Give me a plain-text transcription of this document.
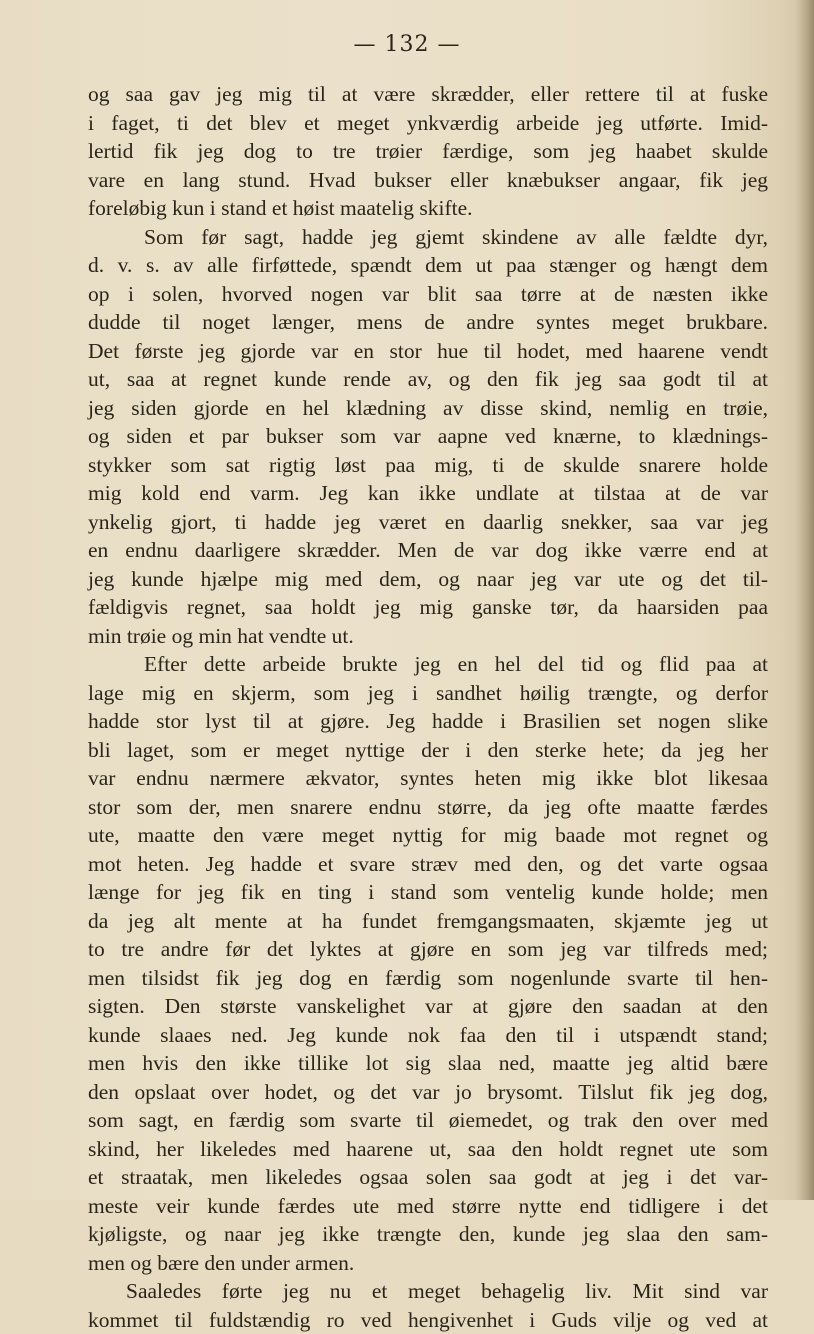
— 132 —
og saa gav jeg mig til at være skrædder, eller rettere til at fuske
i faget, ti det blev et meget ynkværdig arbeide jeg utførte. Imid-
lertid fik jeg dog to tre trøier færdige, som jeg haabet skulde
vare en lang stund. Hvad bukser eller knæbukser angaar, fik jeg
foreløbig kun i stand et høist maatelig skifte.
Som før sagt, hadde jeg gjemt skindene av alle fældte dyr,
d. v. s. av alle firføttede, spændt dem ut paa stænger og hængt dem
op i solen, hvorved nogen var blit saa tørre at de næsten ikke
dudde til noget længer, mens de andre syntes meget brukbare.
Det første jeg gjorde var en stor hue til hodet, med haarene vendt
ut, saa at regnet kunde rende av, og den fik jeg saa godt til at
jeg siden gjorde en hel klædning av disse skind, nemlig en trøie,
og siden et par bukser som var aapne ved knærne, to klædnings-
stykker som sat rigtig løst paa mig, ti de skulde snarere holde
mig kold end varm. Jeg kan ikke undlate at tilstaa at de var
ynkelig gjort, ti hadde jeg været en daarlig snekker, saa var jeg
en endnu daarligere skrædder. Men de var dog ikke værre end at
jeg kunde hjælpe mig med dem, og naar jeg var ute og det til-
fældigvis regnet, saa holdt jeg mig ganske tør, da haarsiden paa
min trøie og min hat vendte ut.
Efter dette arbeide brukte jeg en hel del tid og flid paa at
lage mig en skjerm, som jeg i sandhet høilig trængte, og derfor
hadde stor lyst til at gjøre. Jeg hadde i Brasilien set nogen slike
bli laget, som er meget nyttige der i den sterke hete; da jeg her
var endnu nærmere ækvator, syntes heten mig ikke blot likesaa
stor som der, men snarere endnu større, da jeg ofte maatte færdes
ute, maatte den være meget nyttig for mig baade mot regnet og
mot heten. Jeg hadde et svare stræv med den, og det varte ogsaa
længe for jeg fik en ting i stand som ventelig kunde holde; men
da jeg alt mente at ha fundet fremgangsmaaten, skjæmte jeg ut
to tre andre før det lyktes at gjøre en som jeg var tilfreds med;
men tilsidst fik jeg dog en færdig som nogenlunde svarte til hen-
sigten. Den største vanskelighet var at gjøre den saadan at den
kunde slaaes ned. Jeg kunde nok faa den til i utspændt stand;
men hvis den ikke tillike lot sig slaa ned, maatte jeg altid bære
den opslaat over hodet, og det var jo brysomt. Tilslut fik jeg dog,
som sagt, en færdig som svarte til øiemedet, og trak den over med
skind, her likeledes med haarene ut, saa den holdt regnet ute som
et straatak, men likeledes ogsaa solen saa godt at jeg i det var-
meste veir kunde færdes ute med større nytte end tidligere i det
kjøligste, og naar jeg ikke trængte den, kunde jeg slaa den sam-
men og bære den under armen.
Saaledes førte jeg nu et meget behagelig liv. Mit sind var
kommet til fuldstændig ro ved hengivenhet i Guds vilje og ved at
